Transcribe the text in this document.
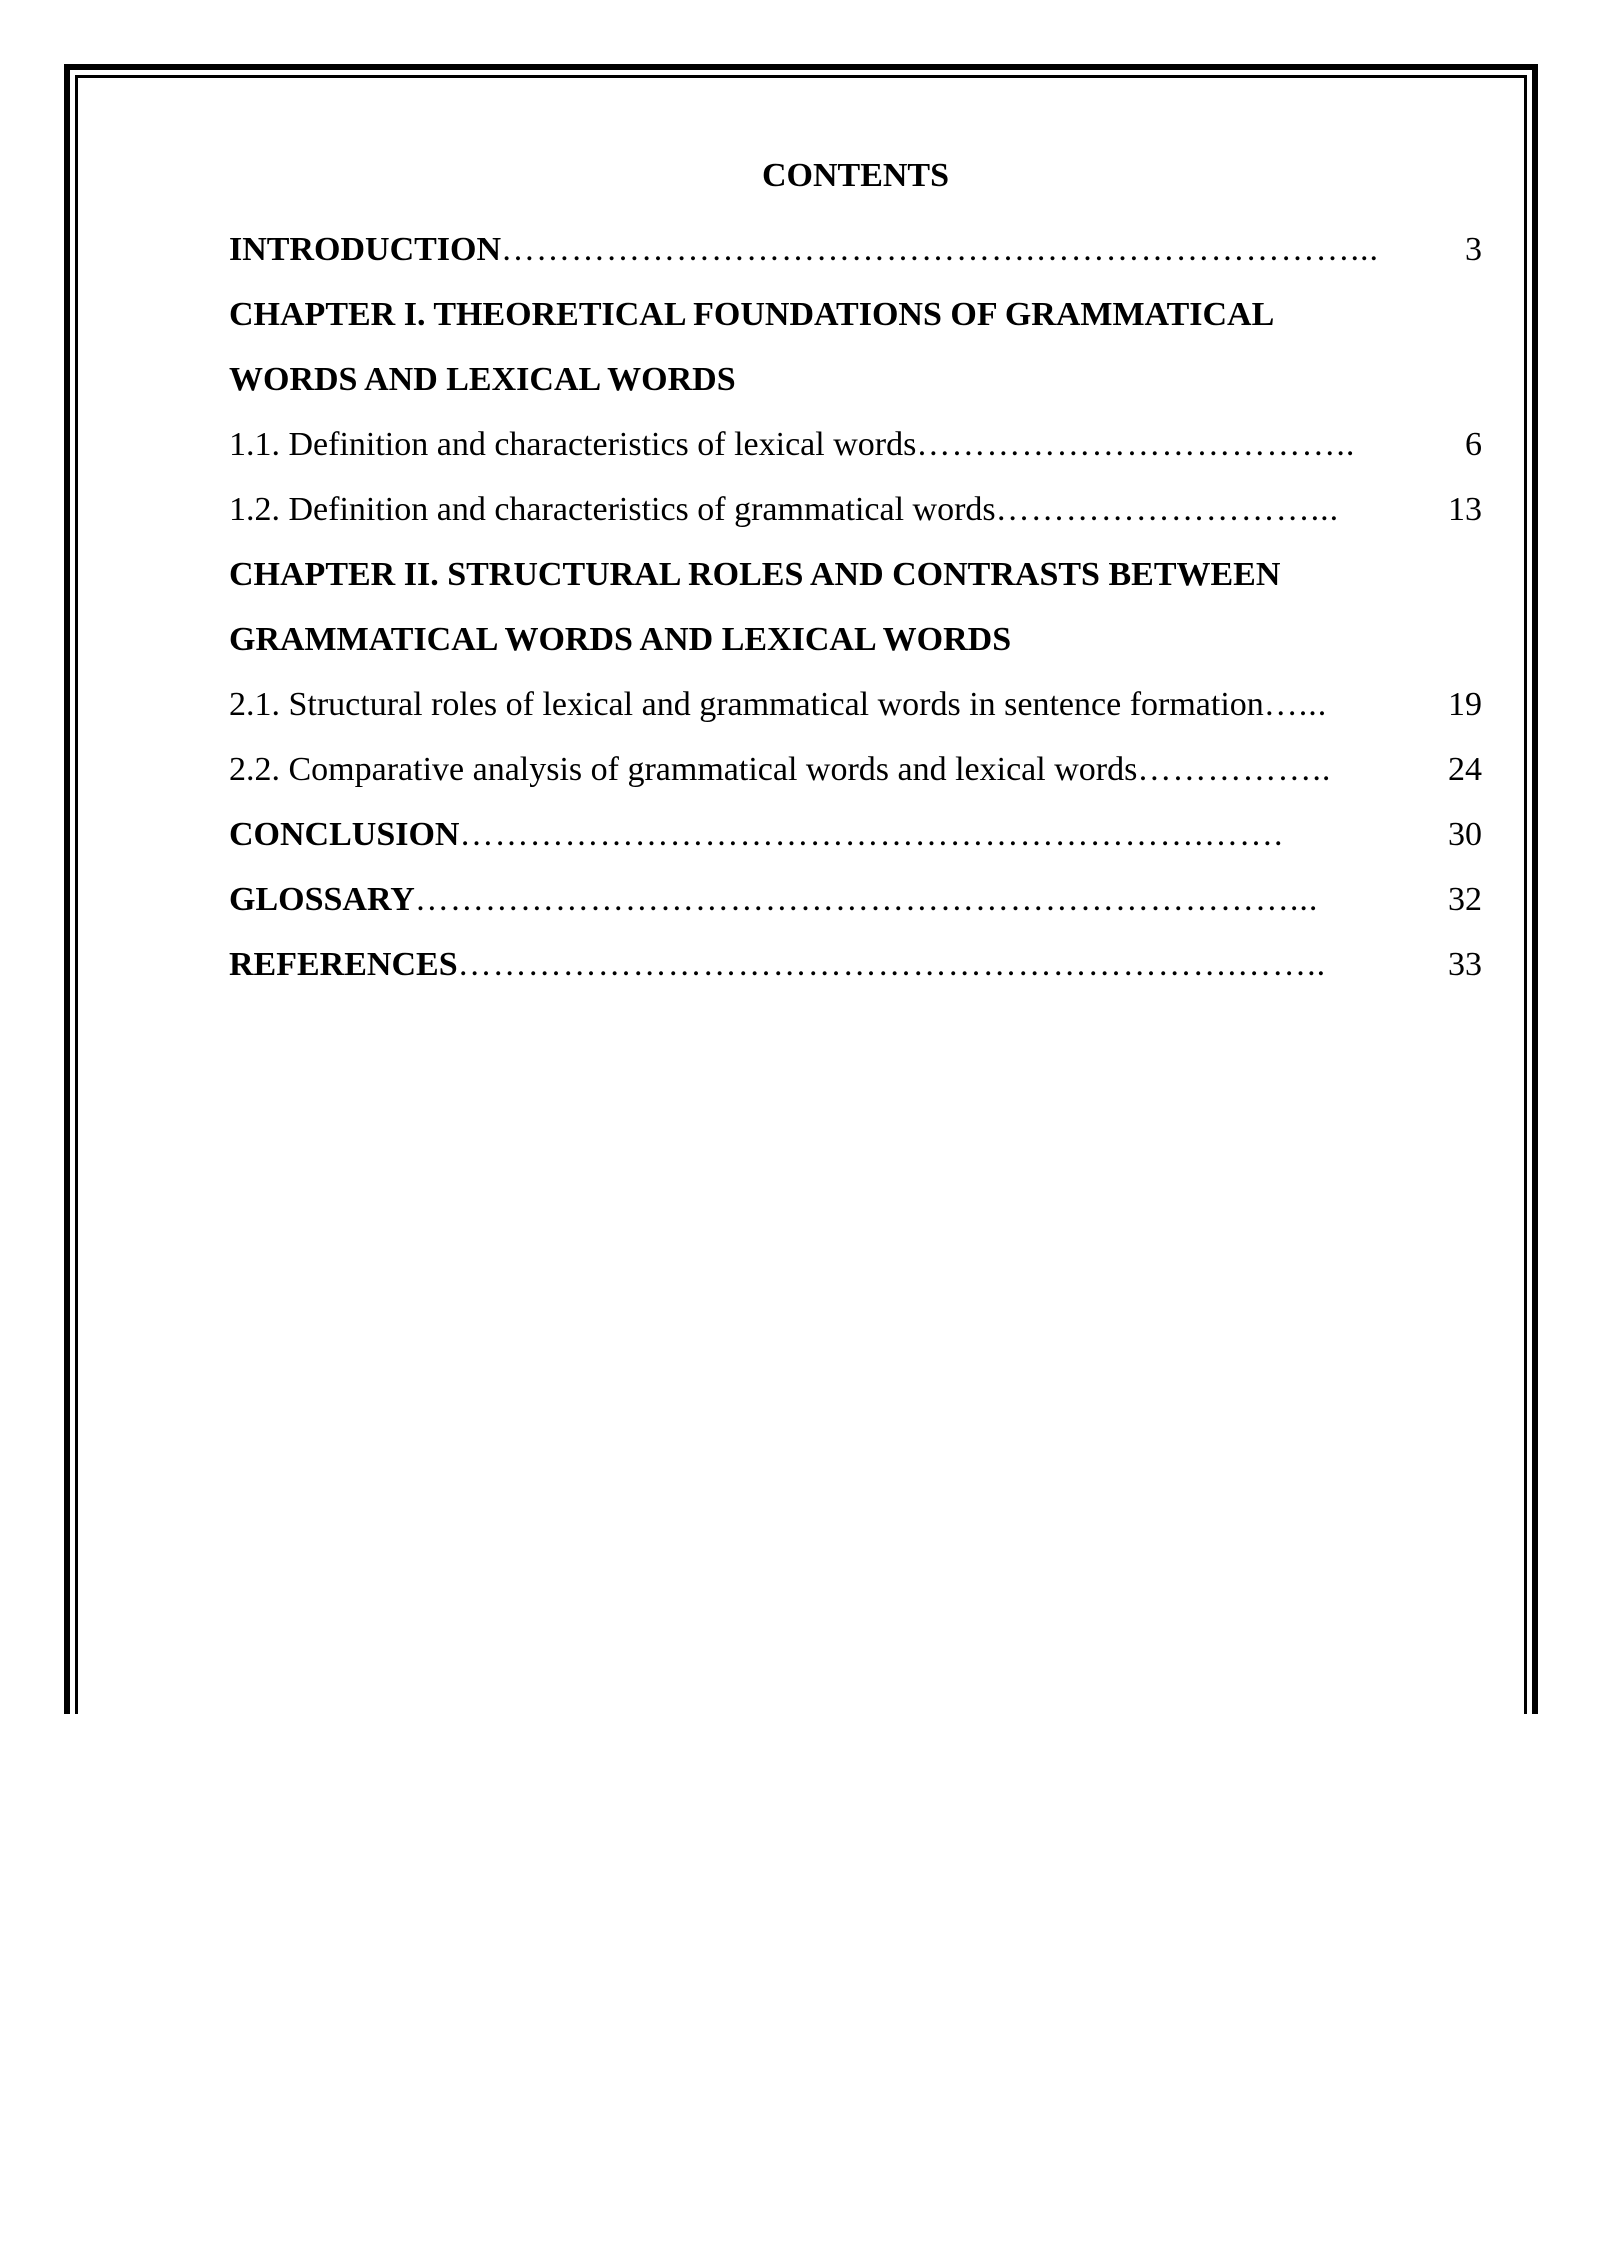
CONTENTS
INTRODUCTION ……………………………………….………………………...	3
CHAPTER I. THEORETICAL FOUNDATIONS OF GRAMMATICAL
WORDS AND LEXICAL WORDS
1.1. Definition and characteristics of lexical words ………………………………..	6
1.2. Definition and characteristics of grammatical words ………………………...	13
CHAPTER II. STRUCTURAL ROLES AND CONTRASTS BETWEEN
GRAMMATICAL WORDS AND LEXICAL WORDS
2.1. Structural roles of lexical and grammatical words in sentence formation …...	19
2.2. Comparative analysis of grammatical words and lexical words ……………..	24
CONCLUSION ……………………………………………………….…….	30
GLOSSARY …………………………………………………………………...	32
REFERENCES ………………………………………………………….……..	33
